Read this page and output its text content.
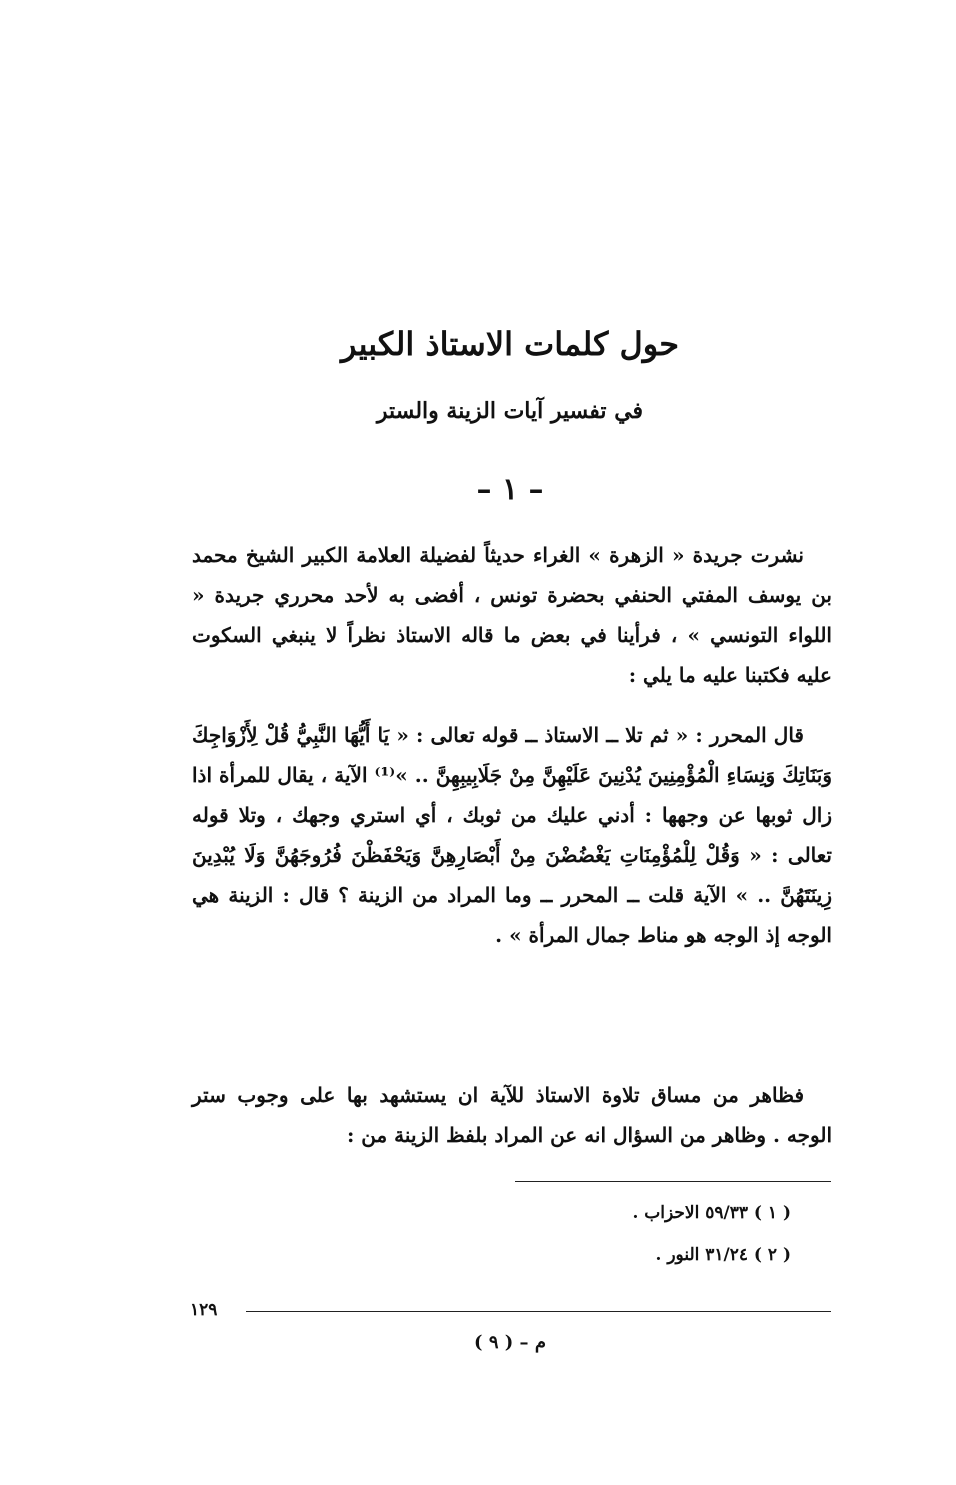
حول كلمات الاستاذ الكبير
في تفسير آيات الزينة والستر
– ١ –
نشرت جريدة « الزهرة » الغراء حديثاً لفضيلة العلامة الكبير الشيخ محمد بن يوسف المفتي الحنفي بحضرة تونس ، أفضى به لأحد محرري جريدة « اللواء التونسي » ، فرأينا في بعض ما قاله الاستاذ نظراً لا ينبغي السكوت عليه فكتبنا عليه ما يلي :
قال المحرر : « ثم تلا ــ الاستاذ ــ قوله تعالى : « يَا أَيُّهَا النَّبِيُّ قُلْ لِأَزْوَاجِكَ وَبَنَاتِكَ وَنِسَاءِ الْمُؤْمِنِينَ يُدْنِينَ عَلَيْهِنَّ مِنْ جَلَابِيبِهِنَّ .. »⁽¹⁾ الآية ، يقال للمرأة اذا زال ثوبها عن وجهها : أدني عليك من ثوبك ، أي استري وجهك ، وتلا قوله تعالى : « وَقُلْ لِلْمُؤْمِنَاتِ يَغْضُضْنَ مِنْ أَبْصَارِهِنَّ وَيَحْفَظْنَ فُرُوجَهُنَّ وَلَا يُبْدِينَ زِينَتَهُنَّ .. » الآية قلت ــ المحرر ــ وما المراد من الزينة ؟ قال : الزينة هي الوجه إذ الوجه هو مناط جمال المرأة » .
فظاهر من مساق تلاوة الاستاذ للآية ان يستشهد بها على وجوب ستر الوجه . وظاهر من السؤال انه عن المراد بلفظ الزينة من :
( ١ ) ٥٩/٣٣ الاحزاب .
( ٢ ) ٣١/٢٤ النور .
١٢٩
م – ( ٩ )
